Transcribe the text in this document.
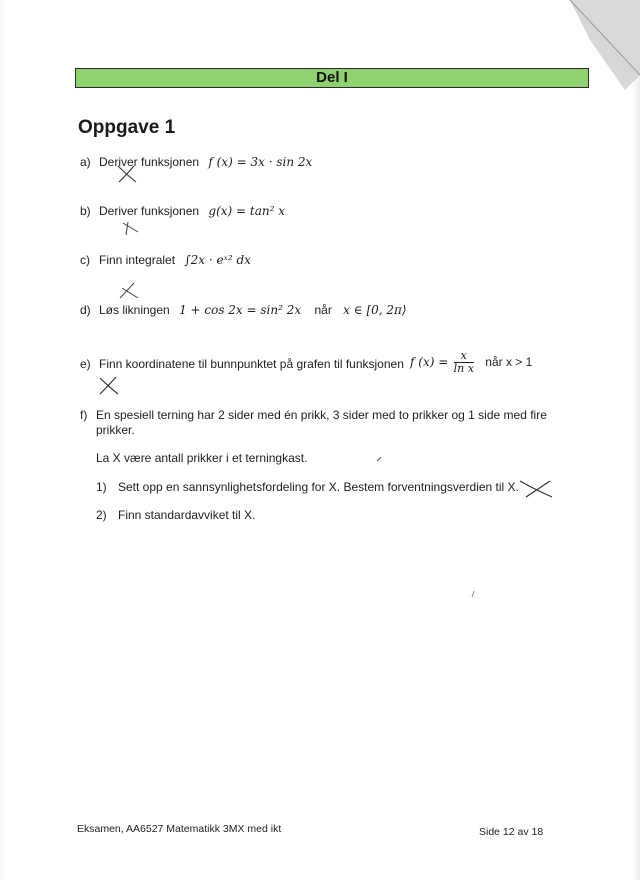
Del I
Oppgave 1
a) Deriver funksjonen f (x) = 3x · sin 2x
b) Deriver funksjonen g(x) = tan² x
c) Finn integralet ∫2x · eˣ² dx
d) Løs likningen 1 + cos 2x = sin² 2x når x ∈ [0, 2π⟩
e) Finn koordinatene til bunnpunktet på grafen til funksjonen f $(x) = \frac{x}{\text{ln x}}$ når x > 1
f) En spesiell terning har 2 sider med én prikk, 3 sider med to prikker og 1 side med fire
prikker.
La X være antall prikker i et terningkast.
1) Sett opp en sannsynlighetsfordeling for X. Bestem forventningsverdien til X.
2) Finn standardavviket til X.
Eksamen, AA6527 Matematikk 3MX med ikt	Side 12 av 18
